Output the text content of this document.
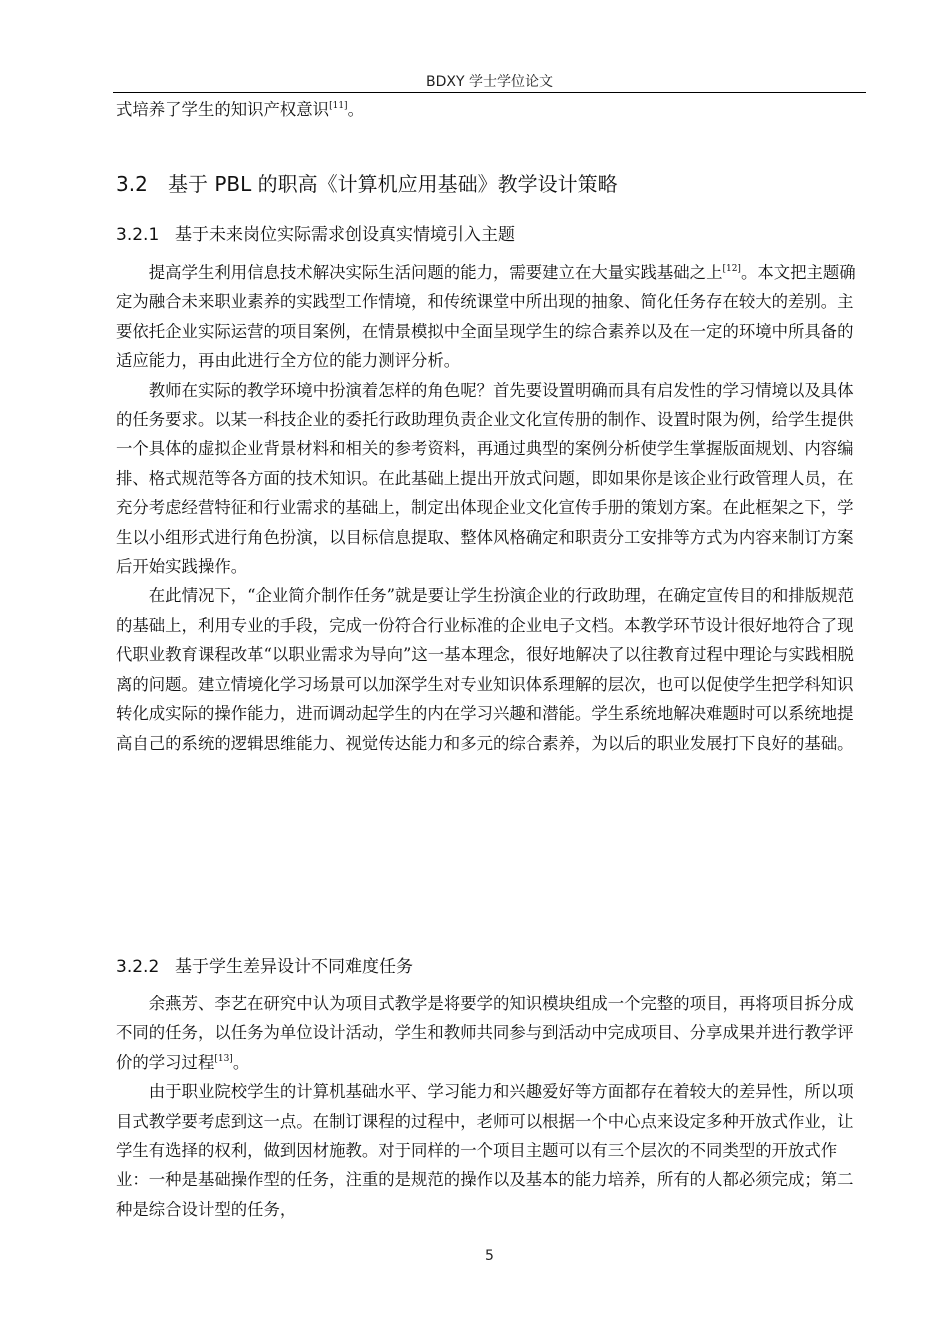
BDXY 学士学位论文

式培养了学生的知识产权意识[11]。

3.2 基于 PBL 的职高《计算机应用基础》教学设计策略
3.2.1 基于未来岗位实际需求创设真实情境引入主题

提高学生利用信息技术解决实际生活问题的能力，需要建立在大量实践基础之上[12]。本文把主题确定为融合未来职业素养的实践型工作情境，和传统课堂中所出现的抽象、简化任务存在较大的差别。主要依托企业实际运营的项目案例，在情景模拟中全面呈现学生的综合素养以及在一定的环境中所具备的适应能力，再由此进行全方位的能力测评分析。

教师在实际的教学环境中扮演着怎样的角色呢？首先要设置明确而具有启发性的学习情境以及具体的任务要求。以某一科技企业的委托行政助理负责企业文化宣传册的制作、设置时限为例，给学生提供一个具体的虚拟企业背景材料和相关的参考资料，再通过典型的案例分析使学生掌握版面规划、内容编排、格式规范等各方面的技术知识。在此基础上提出开放式问题，即如果你是该企业行政管理人员，在充分考虑经营特征和行业需求的基础上，制定出体现企业文化宣传手册的策划方案。在此框架之下，学生以小组形式进行角色扮演，以目标信息提取、整体风格确定和职责分工安排等方式为内容来制订方案后开始实践操作。

在此情况下，“企业简介制作任务”就是要让学生扮演企业的行政助理，在确定宣传目的和排版规范的基础上，利用专业的手段，完成一份符合行业标准的企业电子文档。本教学环节设计很好地符合了现代职业教育课程改革“以职业需求为导向”这一基本理念，很好地解决了以往教育过程中理论与实践相脱离的问题。建立情境化学习场景可以加深学生对专业知识体系理解的层次，也可以促使学生把学科知识转化成实际的操作能力，进而调动起学生的内在学习兴趣和潜能。学生系统地解决难题时可以系统地提高自己的系统的逻辑思维能力、视觉传达能力和多元的综合素养，为以后的职业发展打下良好的基础。

3.2.2 基于学生差异设计不同难度任务

余燕芳、李艺在研究中认为项目式教学是将要学的知识模块组成一个完整的项目，再将项目拆分成不同的任务，以任务为单位设计活动，学生和教师共同参与到活动中完成项目、分享成果并进行教学评价的学习过程[13]。

由于职业院校学生的计算机基础水平、学习能力和兴趣爱好等方面都存在着较大的差异性，所以项目式教学要考虑到这一点。在制订课程的过程中，老师可以根据一个中心点来设定多种开放式作业，让学生有选择的权利，做到因材施教。对于同样的一个项目主题可以有三个层次的不同类型的开放式作业：一种是基础操作型的任务，注重的是规范的操作以及基本的能力培养，所有的人都必须完成；第二种是综合设计型的任务，

5
